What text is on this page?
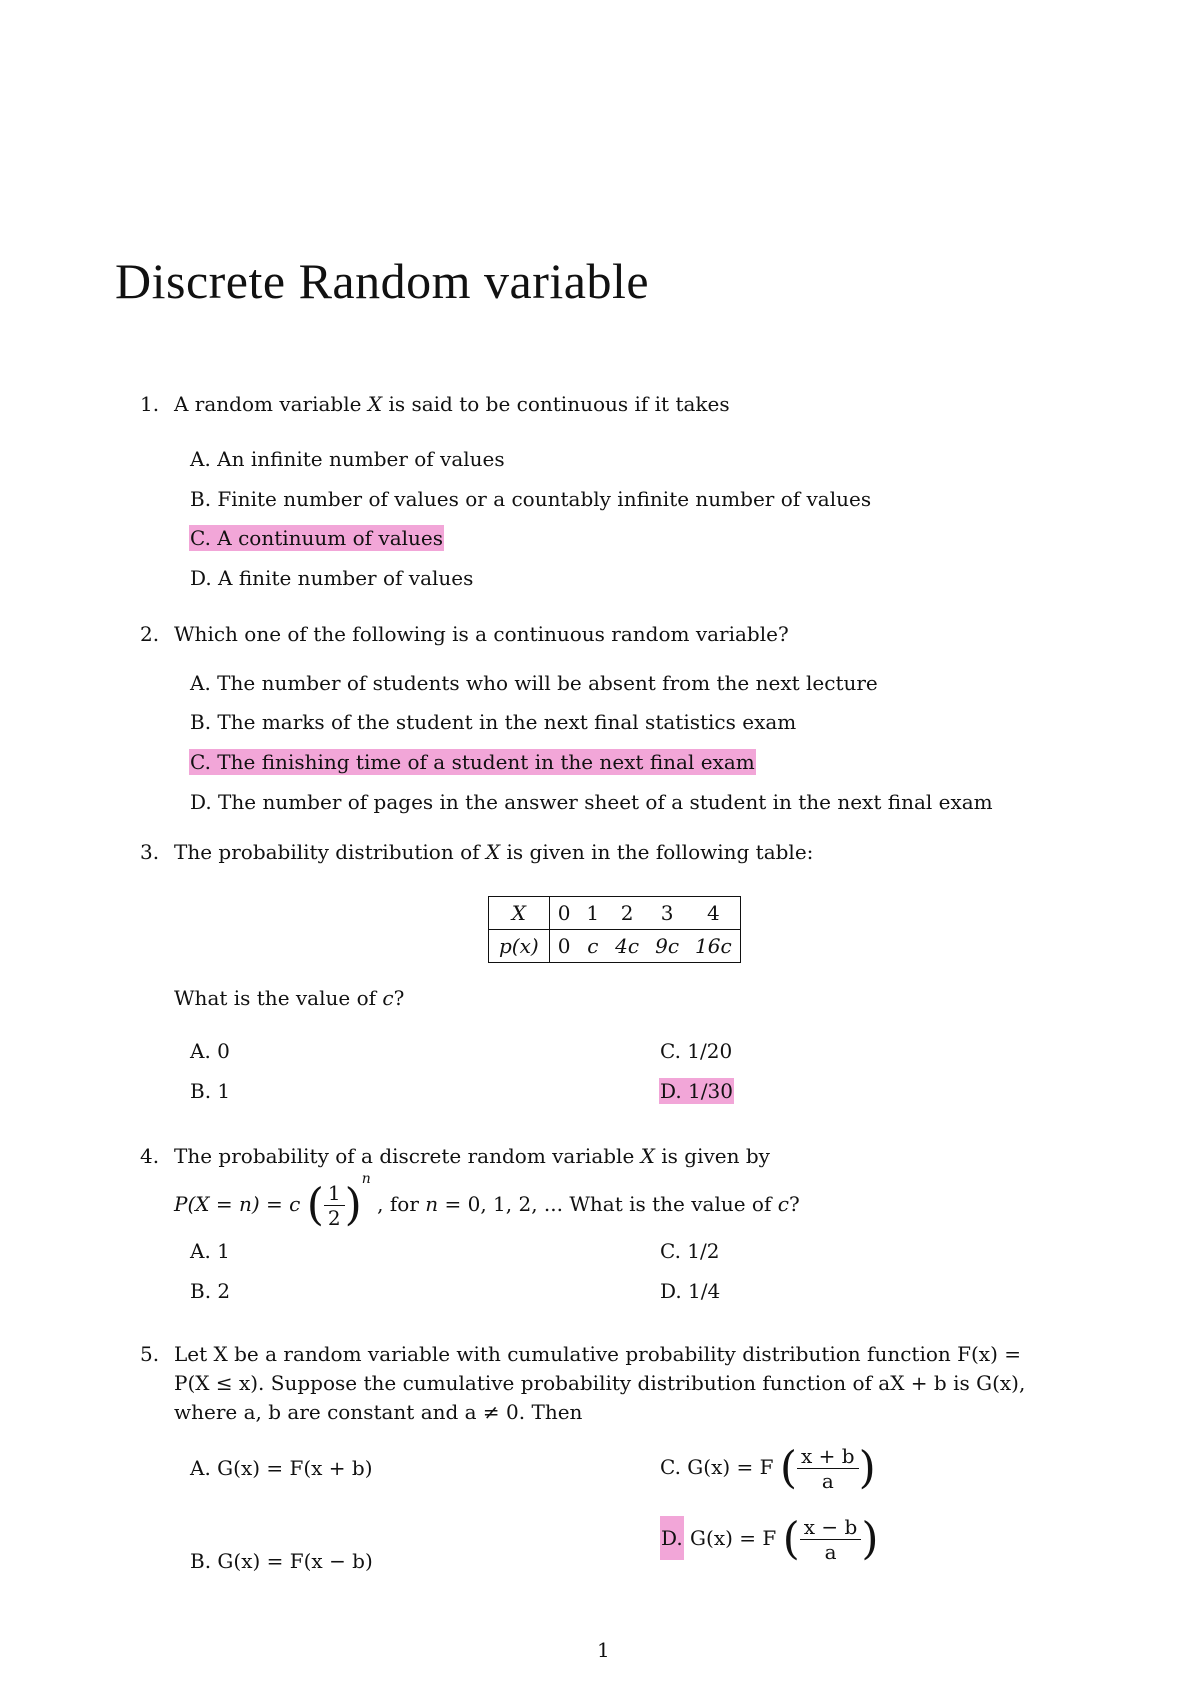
Discrete Random variable
1. A random variable X is said to be continuous if it takes
A. An infinite number of values
B. Finite number of values or a countably infinite number of values
C. A continuum of values
D. A finite number of values
2. Which one of the following is a continuous random variable?
A. The number of students who will be absent from the next lecture
B. The marks of the student in the next final statistics exam
C. The finishing time of a student in the next final exam
D. The number of pages in the answer sheet of a student in the next final exam
3. The probability distribution of X is given in the following table:
X	0	1	2	3	4
p(x)	0	c	4c	9c	16c
What is the value of c?
A. 0
B. 1
C. 1/20
D. 1/30
4. The probability of a discrete random variable X is given by
P(X = n) = c ( $\frac{1}{2} )^n$ , for n = 0, 1, 2, ... What is the value of c?
A. 1
B. 2
C. 1/2
D. 1/4
5. Let X be a random variable with cumulative probability distribution function F(x) =
P(X ≤ x). Suppose the cumulative probability distribution function of aX + b is G(x),
where a, b are constant and a ≠ 0. Then
A. G(x) = F(x + b)
B. G(x) = F(x − b)
C. G(x) = F ( $\frac{x + b}{a}$ )
D. G(x) = F ( $\frac{x - b}{a}$ )
1
